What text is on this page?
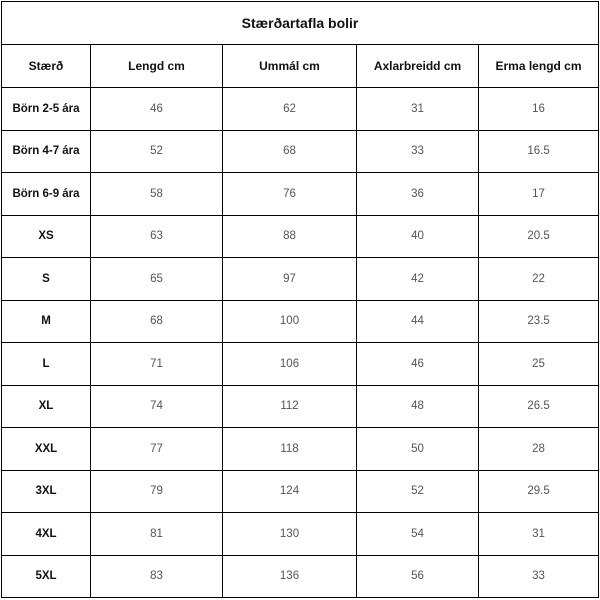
Stærðartafla bolir				
Stærð	Lengd cm	Ummál cm	Axlarbreidd cm	Erma lengd cm
Börn 2-5 ára	46	62	31	16
Börn 4-7 ára	52	68	33	16.5
Börn 6-9 ára	58	76	36	17
XS	63	88	40	20.5
S	65	97	42	22
M	68	100	44	23.5
L	71	106	46	25
XL	74	112	48	26.5
XXL	77	118	50	28
3XL	79	124	52	29.5
4XL	81	130	54	31
5XL	83	136	56	33
